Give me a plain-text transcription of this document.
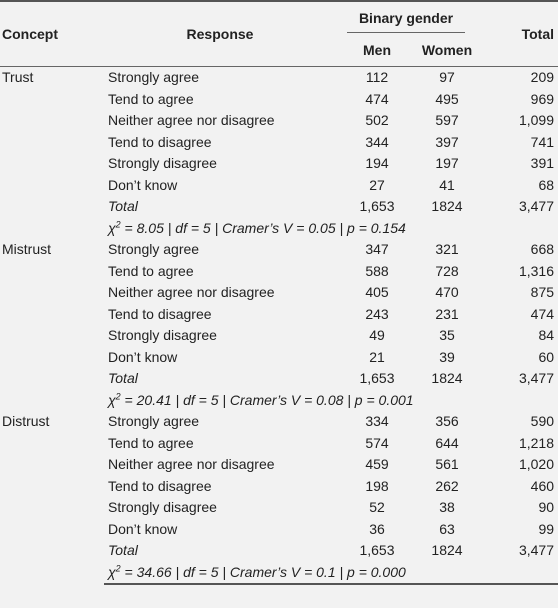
Concept	Response	Binary gender		Total
		Men	Women	
Trust	Strongly agree	112	97	209
	Tend to agree	474	495	969
	Neither agree nor disagree	502	597	1,099
	Tend to disagree	344	397	741
	Strongly disagree	194	197	391
	Don’t know	27	41	68
	Total	1,653	1824	3,477
	$\chi^2 = 8.05$ | df = 5 | Cramer’s V = 0.05 | p = 0.154			
Mistrust	Strongly agree	347	321	668
	Tend to agree	588	728	1,316
	Neither agree nor disagree	405	470	875
	Tend to disagree	243	231	474
	Strongly disagree	49	35	84
	Don’t know	21	39	60
	Total	1,653	1824	3,477
	$\chi^2 = 20.41$ | df = 5 | Cramer’s V = 0.08 | p = 0.001			
Distrust	Strongly agree	334	356	590
	Tend to agree	574	644	1,218
	Neither agree nor disagree	459	561	1,020
	Tend to disagree	198	262	460
	Strongly disagree	52	38	90
	Don’t know	36	63	99
	Total	1,653	1824	3,477
	$\chi^2 = 34.66$ | df = 5 | Cramer’s V = 0.1 | p = 0.000			
